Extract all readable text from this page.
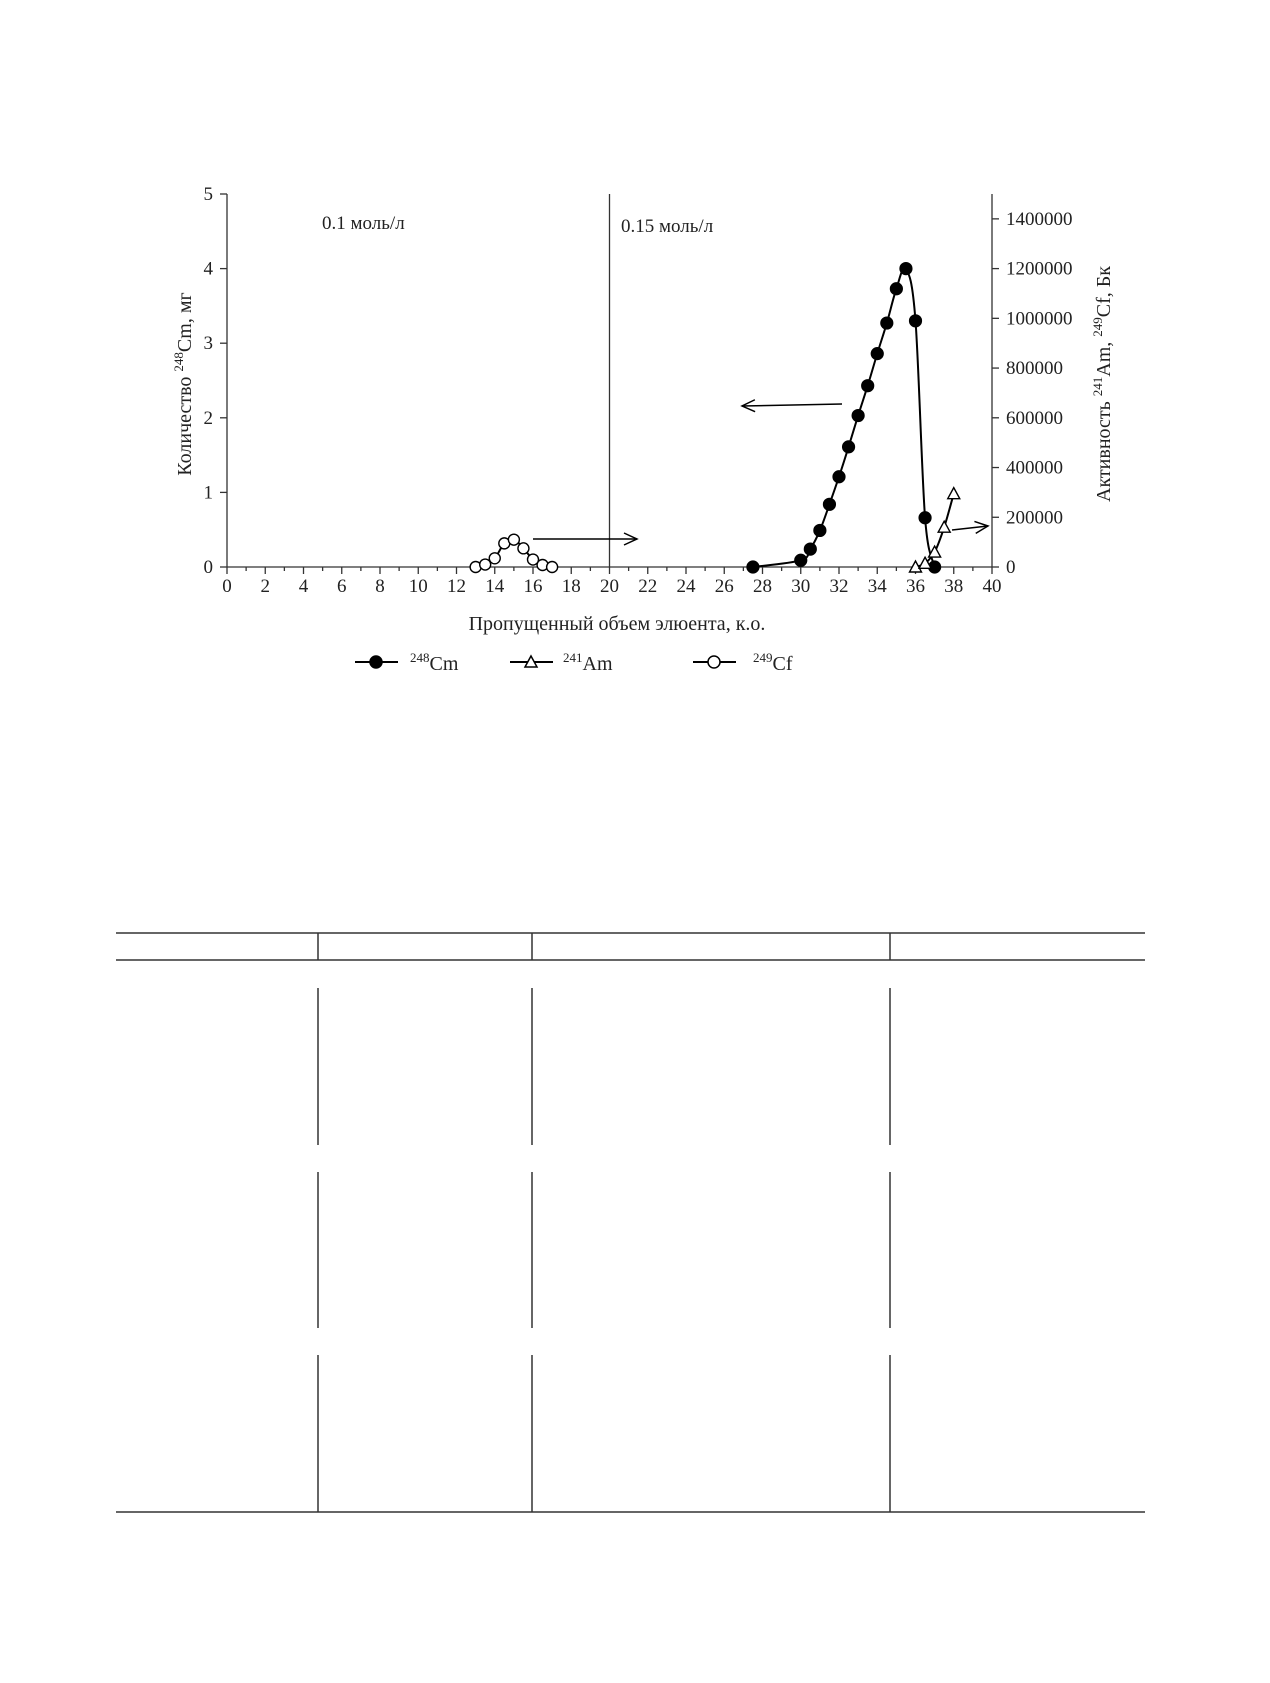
0 2 4 6 8 10 12 14 16 18 20 22 24 26 28 30 32 34 36 38 40
0
1
2
3
4
5
0
200000
400000
600000
800000
1000000
1200000
1400000
0.1 моль/л	0.15 моль/л
Пропущенный объем элюента, к.о.
Количество $^{248}$Cm, мг
Активность $^{241}$Am, $^{249}$Cf, Бк
$^{248}$Cm	$^{241}$Am	$^{249}$Cf
